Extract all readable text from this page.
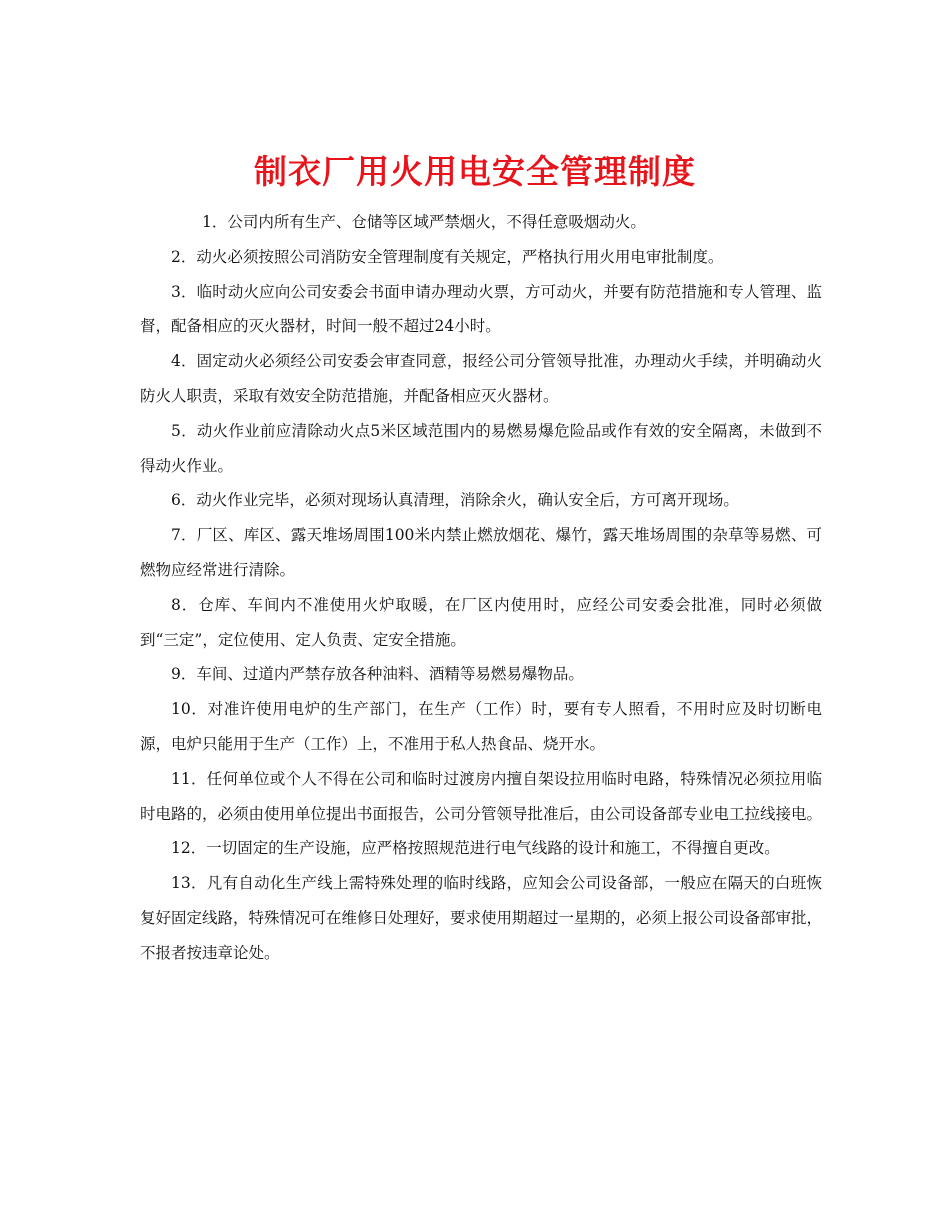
制衣厂用火用电安全管理制度

1．公司内所有生产、仓储等区域严禁烟火，不得任意吸烟动火。

2．动火必须按照公司消防安全管理制度有关规定，严格执行用火用电审批制度。

3．临时动火应向公司安委会书面申请办理动火票，方可动火，并要有防范措施和专人管理、监督，配备相应的灭火器材，时间一般不超过24小时。

4．固定动火必须经公司安委会审查同意，报经公司分管领导批准，办理动火手续，并明确动火防火人职责，采取有效安全防范措施，并配备相应灭火器材。

5．动火作业前应清除动火点5米区域范围内的易燃易爆危险品或作有效的安全隔离，未做到不得动火作业。

6．动火作业完毕，必须对现场认真清理，消除余火，确认安全后，方可离开现场。

7．厂区、库区、露天堆场周围100米内禁止燃放烟花、爆竹，露天堆场周围的杂草等易燃、可燃物应经常进行清除。

8．仓库、车间内不准使用火炉取暖，在厂区内使用时，应经公司安委会批准，同时必须做到“三定”，定位使用、定人负责、定安全措施。

9．车间、过道内严禁存放各种油料、酒精等易燃易爆物品。

10．对准许使用电炉的生产部门，在生产（工作）时，要有专人照看，不用时应及时切断电源，电炉只能用于生产（工作）上，不准用于私人热食品、烧开水。

11．任何单位或个人不得在公司和临时过渡房内擅自架设拉用临时电路，特殊情况必须拉用临时电路的，必须由使用单位提出书面报告，公司分管领导批准后，由公司设备部专业电工拉线接电。

12．一切固定的生产设施，应严格按照规范进行电气线路的设计和施工，不得擅自更改。

13．凡有自动化生产线上需特殊处理的临时线路，应知会公司设备部，一般应在隔天的白班恢复好固定线路，特殊情况可在维修日处理好，要求使用期超过一星期的，必须上报公司设备部审批，不报者按违章论处。
